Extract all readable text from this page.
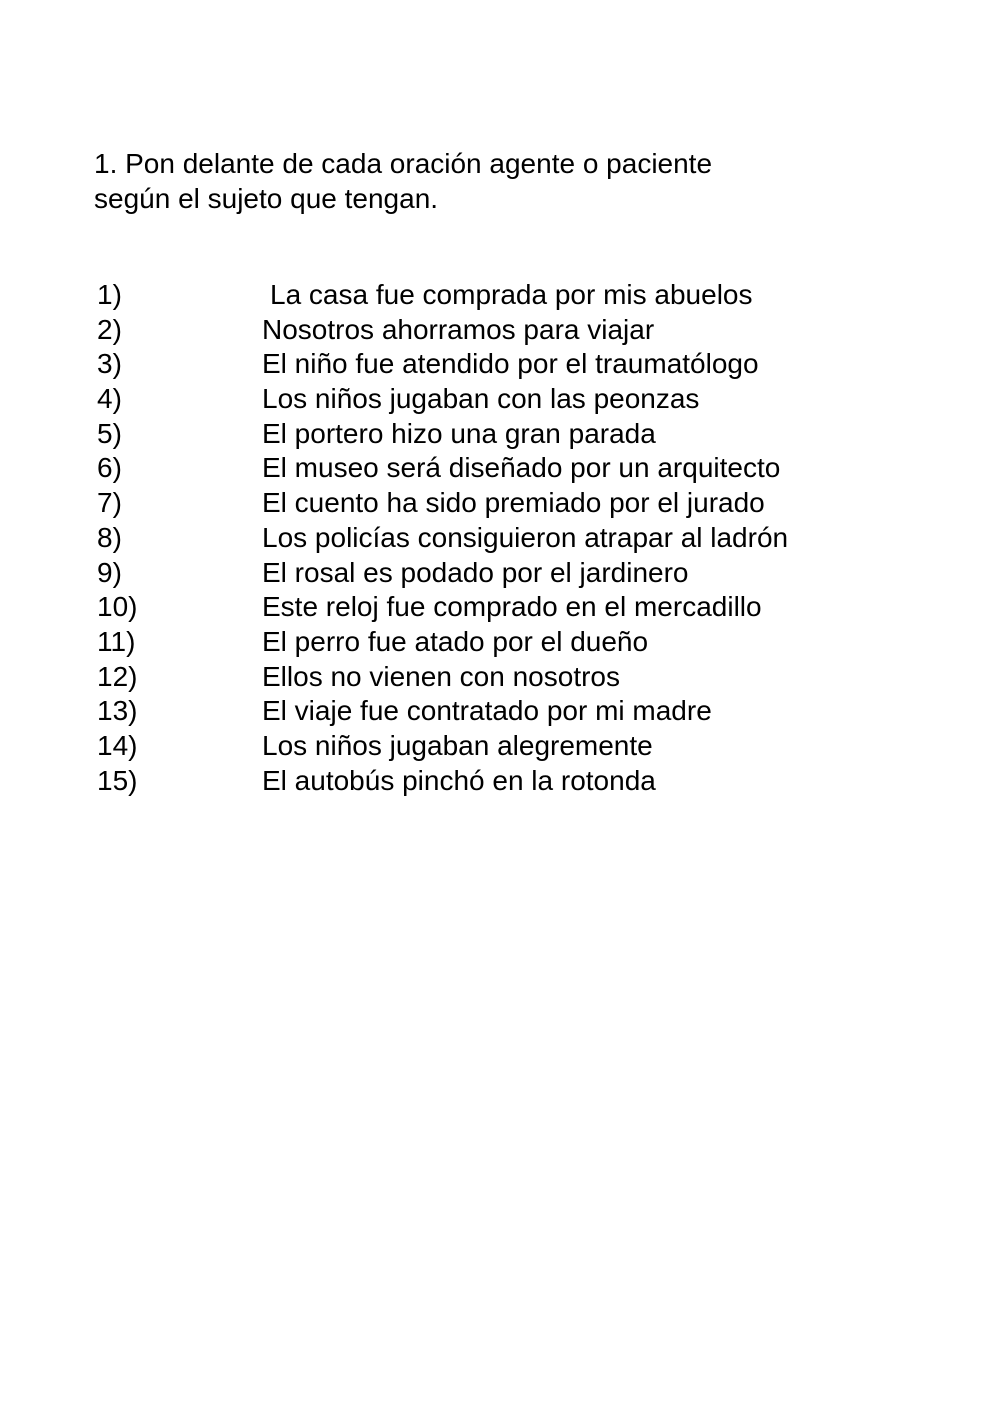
1. Pon delante de cada oración agente o paciente
según el sujeto que tengan.

1)	La casa fue comprada por mis abuelos
2)	Nosotros ahorramos para viajar
3)	El niño fue atendido por el traumatólogo
4)	Los niños jugaban con las peonzas
5)	El portero hizo una gran parada
6)	El museo será diseñado por un arquitecto
7)	El cuento ha sido premiado por el jurado
8)	Los policías consiguieron atrapar al ladrón
9)	El rosal es podado por el jardinero
10)	Este reloj fue comprado en el mercadillo
11)	El perro fue atado por el dueño
12)	Ellos no vienen con nosotros
13)	El viaje fue contratado por mi madre
14)	Los niños jugaban alegremente
15)	El autobús pinchó en la rotonda
